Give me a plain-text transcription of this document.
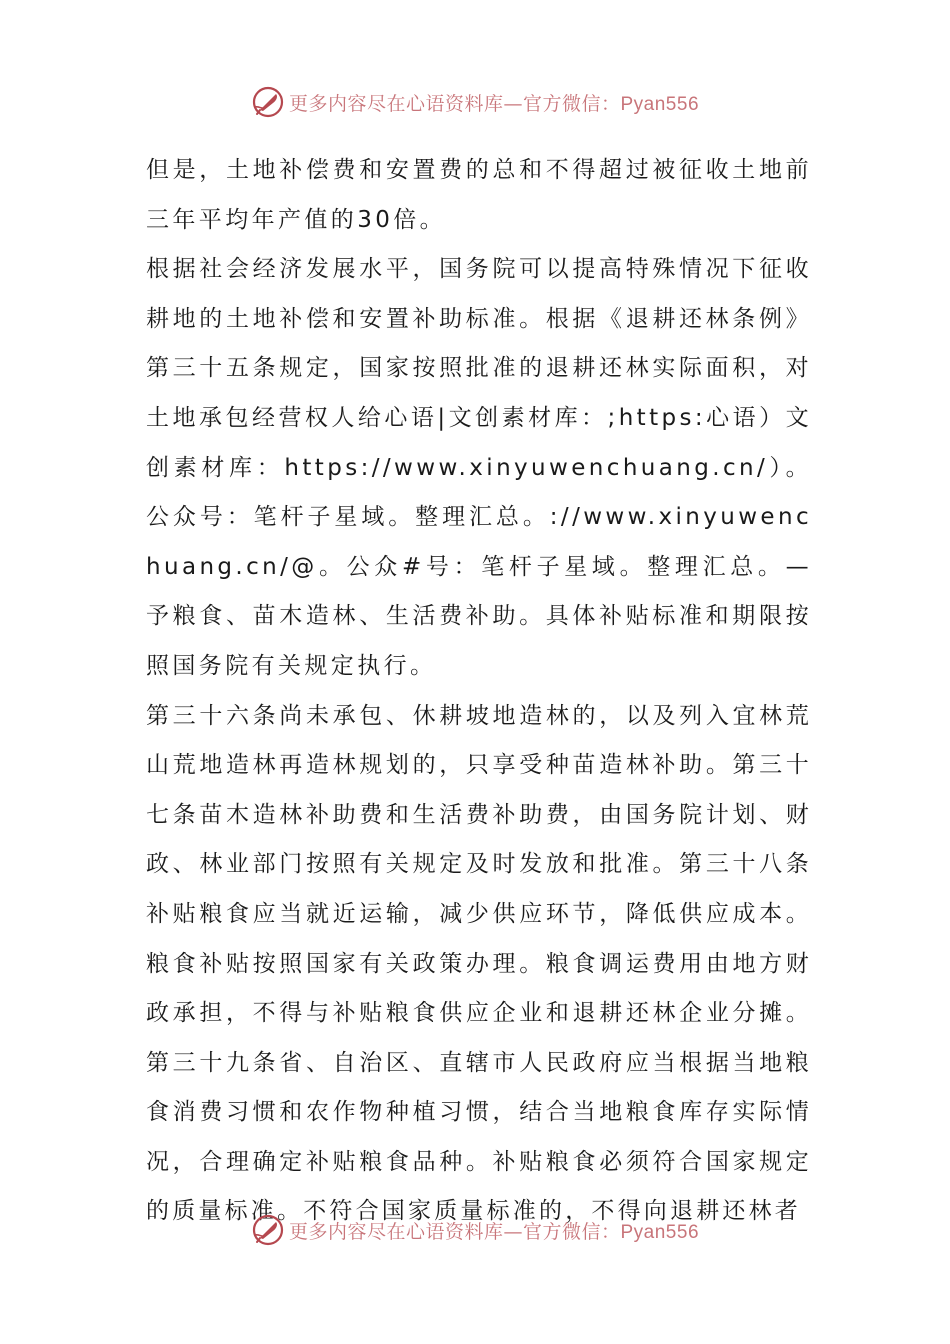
更多内容尽在心语资料库—官方微信：Pyan556

但是，土地补偿费和安置费的总和不得超过被征收土地前三年平均年产值的30倍。

根据社会经济发展水平，国务院可以提高特殊情况下征收耕地的土地补偿和安置补助标准。根据《退耕还林条例》第三十五条规定，国家按照批准的退耕还林实际面积，对土地承包经营权人给心语|文创素材库：;https:心语）文创素材库：https://www.xinyuwenchuang.cn/）。公众号：笔杆子星域。整理汇总。://www.xinyuwenchuang.cn/@。公众#号：笔杆子星域。整理汇总。—予粮食、苗木造林、生活费补助。具体补贴标准和期限按照国务院有关规定执行。

第三十六条尚未承包、休耕坡地造林的，以及列入宜林荒山荒地造林再造林规划的，只享受种苗造林补助。第三十七条苗木造林补助费和生活费补助费，由国务院计划、财政、林业部门按照有关规定及时发放和批准。第三十八条补贴粮食应当就近运输，减少供应环节，降低供应成本。粮食补贴按照国家有关政策办理。粮食调运费用由地方财政承担，不得与补贴粮食供应企业和退耕还林企业分摊。第三十九条省、自治区、直辖市人民政府应当根据当地粮食消费习惯和农作物种植习惯，结合当地粮食库存实际情况，合理确定补贴粮食品种。补贴粮食必须符合国家规定的质量标准。不符合国家质量标准的，不得向退耕还林者

更多内容尽在心语资料库—官方微信：Pyan556
